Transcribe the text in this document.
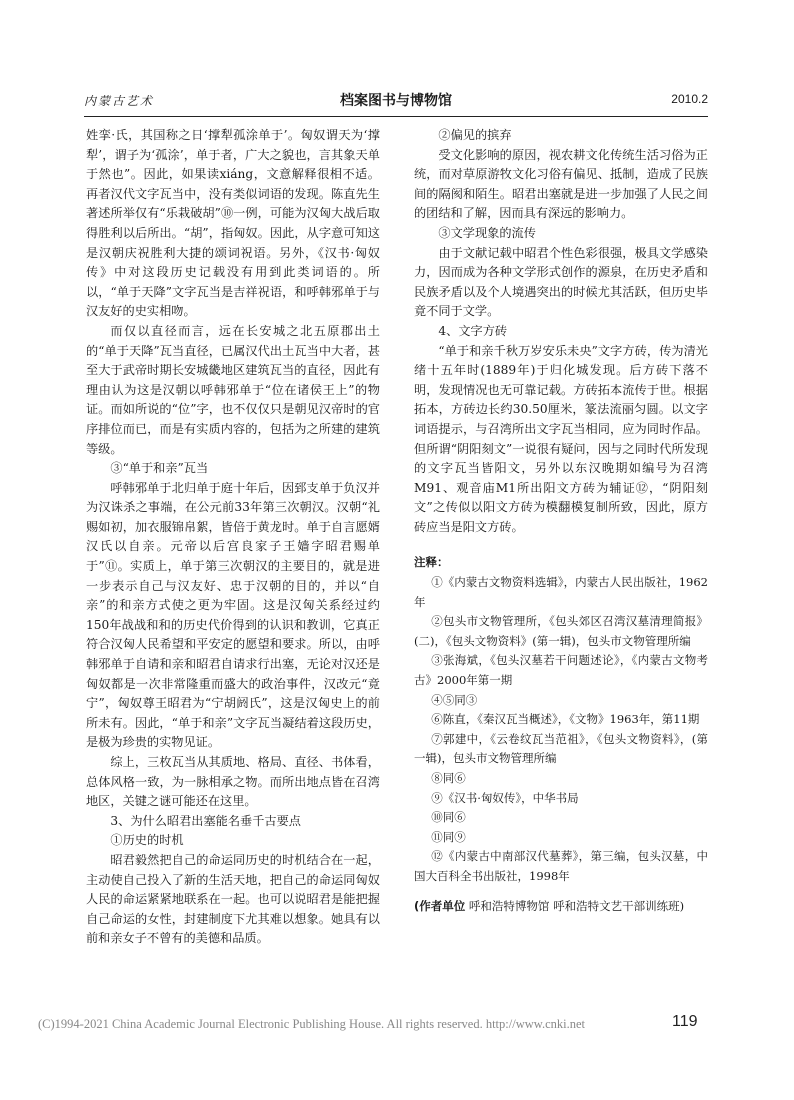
内蒙古艺术	档案图书与博物馆	2010.2

姓挛·氏，其国称之日‘撑犁孤涂单于’。匈奴谓天为‘撑犁’，谓子为‘孤涂’，单于者，广大之貌也，言其象天单于然也”。因此，如果读xiáng，文意解释很相不适。再者汉代文字瓦当中，没有类似词语的发现。陈直先生著述所举仅有“乐栽破胡”⑩一例，可能为汉匈大战后取得胜利以后所出。“胡”，指匈奴。因此，从字意可知这是汉朝庆祝胜利大捷的颂词祝语。另外，《汉书·匈奴传》中对这段历史记载没有用到此类词语的。所以，“单于天降”文字瓦当是吉祥祝语，和呼韩邪单于与汉友好的史实相吻。

而仅以直径而言，远在长安城之北五原郡出土的“单于天降”瓦当直径，已属汉代出土瓦当中大者，甚至大于武帝时期长安城畿地区建筑瓦当的直径，因此有理由认为这是汉朝以呼韩邪单于“位在诸侯王上”的物证。而如所说的“位”字，也不仅仅只是朝见汉帝时的官序排位而已，而是有实质内容的，包括为之所建的建筑等级。

③“单于和亲”瓦当

呼韩邪单于北归单于庭十年后，因郅支单于负汉并为汉诛杀之事端，在公元前33年第三次朝汉。汉朝“礼赐如初，加衣服锦帛絮，皆倍于黄龙时。单于自言愿婿汉氏以自亲。元帝以后宫良家子王嫱字昭君赐单于”⑪。实质上，单于第三次朝汉的主要目的，就是进一步表示自己与汉友好、忠于汉朝的目的，并以“自亲”的和亲方式使之更为牢固。这是汉匈关系经过约150年战战和和的历史代价得到的认识和教训，它真正符合汉匈人民希望和平安定的愿望和要求。所以，由呼韩邪单于自请和亲和昭君自请求行出塞，无论对汉还是匈奴都是一次非常隆重而盛大的政治事件，汉改元“竟宁”，匈奴尊王昭君为“宁胡阏氏”，这是汉匈史上的前所未有。因此，“单于和亲”文字瓦当凝结着这段历史，是极为珍贵的实物见证。

综上，三枚瓦当从其质地、格局、直径、书体看，总体风格一致，为一脉相承之物。而所出地点皆在召湾地区，关键之谜可能还在这里。

3、为什么昭君出塞能名垂千古要点

①历史的时机

昭君毅然把自己的命运同历史的时机结合在一起，主动使自己投入了新的生活天地，把自己的命运同匈奴人民的命运紧紧地联系在一起。也可以说昭君是能把握自己命运的女性，封建制度下尤其难以想象。她具有以前和亲女子不曾有的美德和品质。

②偏见的摈弃

受文化影响的原因，视农耕文化传统生活习俗为正统，而对草原游牧文化习俗有偏见、抵制，造成了民族间的隔阂和陌生。昭君出塞就是进一步加强了人民之间的团结和了解，因而具有深远的影响力。

③文学现象的流传

由于文献记载中昭君个性色彩很强，极具文学感染力，因而成为各种文学形式创作的源泉，在历史矛盾和民族矛盾以及个人境遇突出的时候尤其活跃，但历史毕竟不同于文学。

4、文字方砖

“单于和亲千秋万岁安乐未央”文字方砖，传为清光绪十五年时(1889年)于归化城发现。后方砖下落不明，发现情况也无可靠记载。方砖拓本流传于世。根据拓本，方砖边长约30.50厘米，篆法流丽匀圆。以文字词语提示，与召湾所出文字瓦当相同，应为同时作品。但所谓“阴阳刻文”一说很有疑问，因与之同时代所发现的文字瓦当皆阳文，另外以东汉晚期如编号为召湾M91、观音庙M1所出阳文方砖为辅证⑫，“阴阳刻文”之传似以阳文方砖为模翻模复制所致，因此，原方砖应当是阳文方砖。

注释：
①《内蒙古文物资料选辑》，内蒙古人民出版社，1962年
②包头市文物管理所，《包头郊区召湾汉墓清理简报》(二)，《包头文物资料》(第一辑)，包头市文物管理所编
③张海斌，《包头汉墓若干问题述论》，《内蒙古文物考古》2000年第一期
④⑤同③
⑥陈直，《秦汉瓦当概述》，《文物》1963年，第11期
⑦郭建中，《云卷纹瓦当范祖》，《包头文物资料》，(第一辑)，包头市文物管理所编
⑧同⑥
⑨《汉书·匈奴传》，中华书局
⑩同⑥
⑪同⑨
⑫《内蒙古中南部汉代墓葬》，第三编，包头汉墓，中国大百科全书出版社，1998年
(作者单位 呼和浩特博物馆 呼和浩特文艺干部训练班)
(C)1994-2021 China Academic Journal Electronic Publishing House. All rights reserved. http://www.cnki.net	119
